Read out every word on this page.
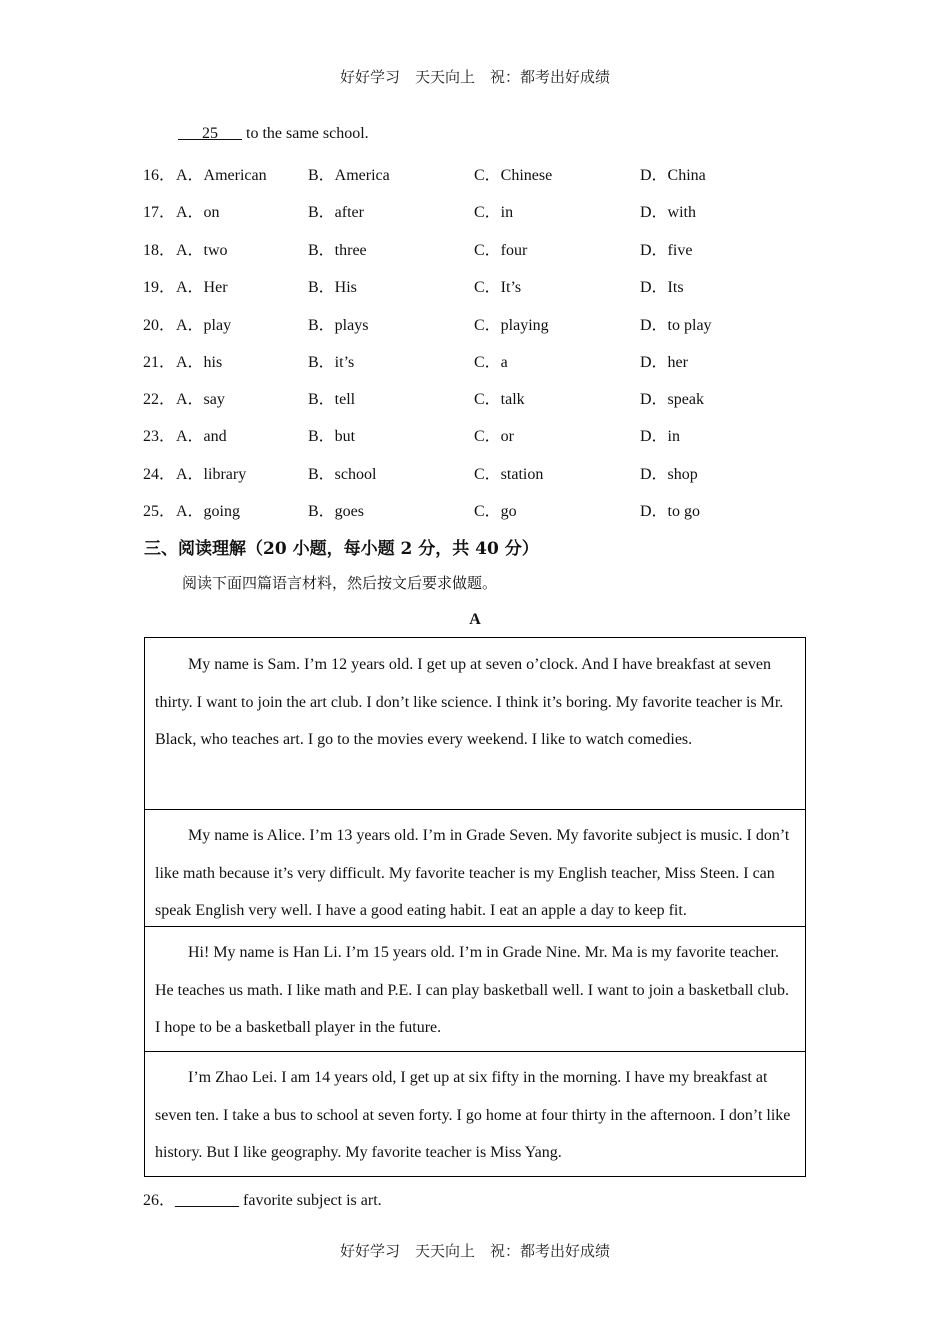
好好学习　天天向上　祝：都考出好成绩
25       to the same school.
16． A．American	B．America	C．Chinese	D．China
17． A．on	B．after	C．in	D．with
18． A．two	B．three	C．four	D．five
19． A．Her	B．His	C．It’s	D．Its
20． A．play	B．plays	C．playing	D．to play
21． A．his	B．it’s	C．a	D．her
22． A．say	B．tell	C．talk	D．speak
23． A．and	B．but	C．or	D．in
24． A．library	B．school	C．station	D．shop
25． A．going	B．goes	C．go	D．to go
三、阅读理解（20 小题，每小题 2 分，共 40 分）
阅读下面四篇语言材料，然后按文后要求做题。
A

My name is Sam. I’m 12 years old. I get up at seven o’clock. And I have breakfast at seven thirty. I want to join the art club. I don’t like science. I think it’s boring. My favorite teacher is Mr. Black, who teaches art. I go to the movies every weekend. I like to watch comedies.

My name is Alice. I’m 13 years old. I’m in Grade Seven. My favorite subject is music. I don’t like math because it’s very difficult. My favorite teacher is my English teacher, Miss Steen. I can speak English very well. I have a good eating habit. I eat an apple a day to keep fit.

Hi! My name is Han Li. I’m 15 years old. I’m in Grade Nine. Mr. Ma is my favorite teacher. He teaches us math. I like math and P.E. I can play basketball well. I want to join a basketball club. I hope to be a basketball player in the future.

I’m Zhao Lei. I am 14 years old, I get up at six fifty in the morning. I have my breakfast at seven ten. I take a bus to school at seven forty. I go home at four thirty in the afternoon. I don’t like history. But I like geography. My favorite teacher is Miss Yang.

26．________ favorite subject is art.
好好学习　天天向上　祝：都考出好成绩
